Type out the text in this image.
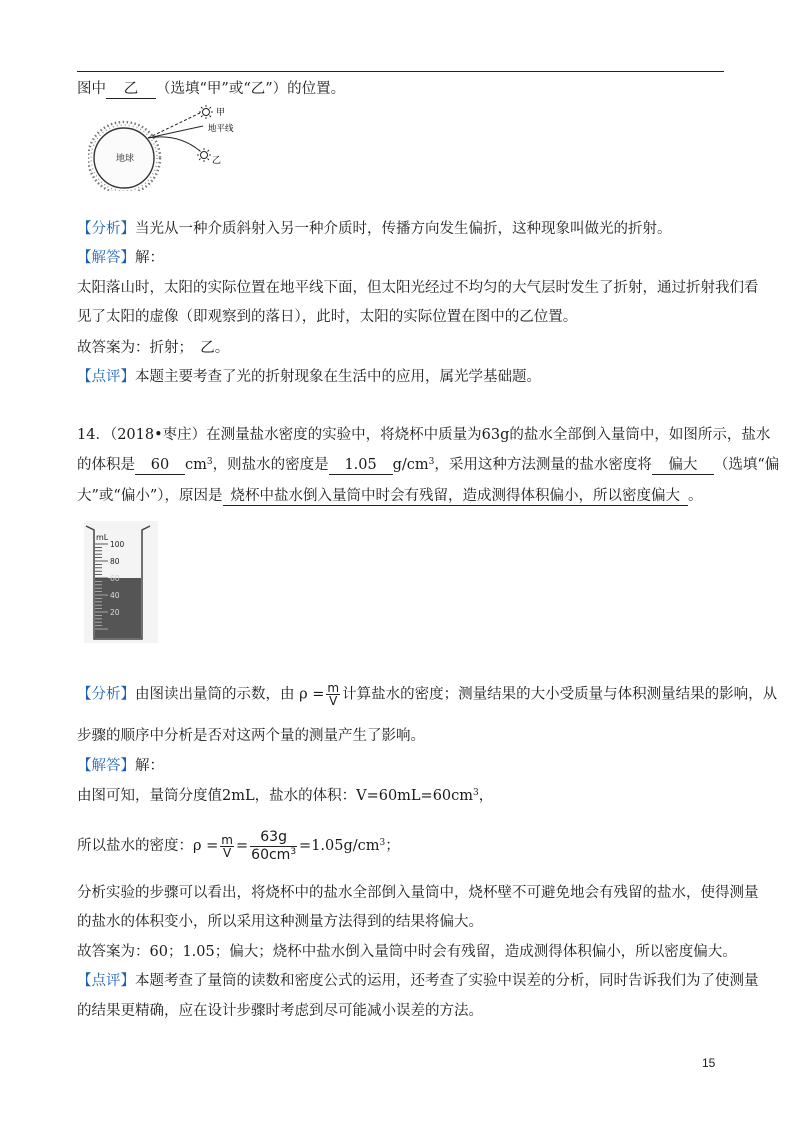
图中 乙 （选填“甲”或“乙”）的位置。
地球
甲
地平线
乙
【分析】当光从一种介质斜射入另一种介质时，传播方向发生偏折，这种现象叫做光的折射。
【解答】解：
太阳落山时，太阳的实际位置在地平线下面，但太阳光经过不均匀的大气层时发生了折射，通过折射我们看
见了太阳的虚像（即观察到的落日），此时，太阳的实际位置在图中的乙位置。
故答案为：折射；　乙。
【点评】本题主要考查了光的折射现象在生活中的应用，属光学基础题。
14．（2018•枣庄）在测量盐水密度的实验中，将烧杯中质量为63g的盐水全部倒入量筒中，如图所示，盐水
的体积是 60 $cm^3$，则盐水的密度是 1.05 $g/cm^3$，采用这种方法测量的盐水密度将 偏大 （选填“偏
大”或“偏小”），原因是 烧杯中盐水倒入量筒中时会有残留，造成测得体积偏小，所以密度偏大 。
mL
100
80
60
40
20
【分析】由图读出量筒的示数，由 $\rho = \frac{m}{V}$ 计算盐水的密度；测量结果的大小受质量与体积测量结果的影响，从
步骤的顺序中分析是否对这两个量的测量产生了影响。
【解答】解：
由图可知，量筒分度值2mL，盐水的体积：$V=60mL=60cm^3$，
所以盐水的密度：$\rho = \frac{m}{V} = \frac{63g}{60cm^3} =1.05g/cm^3$；
分析实验的步骤可以看出，将烧杯中的盐水全部倒入量筒中，烧杯壁不可避免地会有残留的盐水，使得测量
的盐水的体积变小，所以采用这种测量方法得到的结果将偏大。
故答案为：60；1.05；偏大；烧杯中盐水倒入量筒中时会有残留，造成测得体积偏小，所以密度偏大。
【点评】本题考查了量筒的读数和密度公式的运用，还考查了实验中误差的分析，同时告诉我们为了使测量
的结果更精确，应在设计步骤时考虑到尽可能减小误差的方法。
15
